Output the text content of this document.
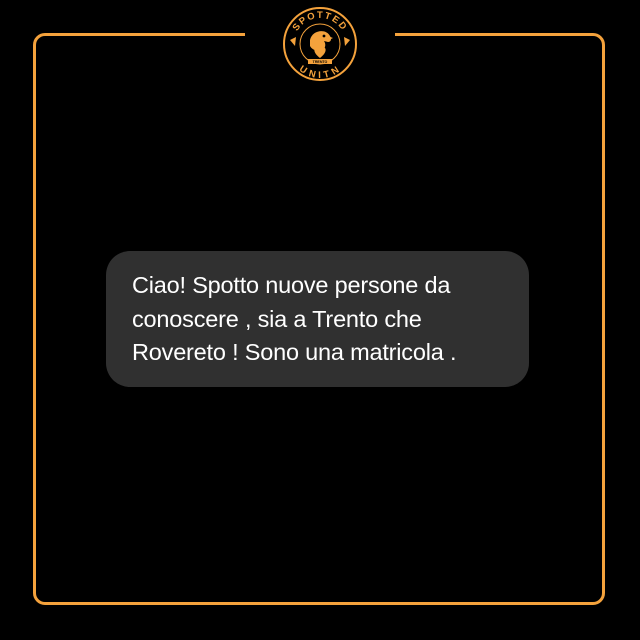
SPOTTED
UNITN
TRENTO

Ciao! Spotto nuove persone da conoscere , sia a Trento che Rovereto ! Sono una matricola .
